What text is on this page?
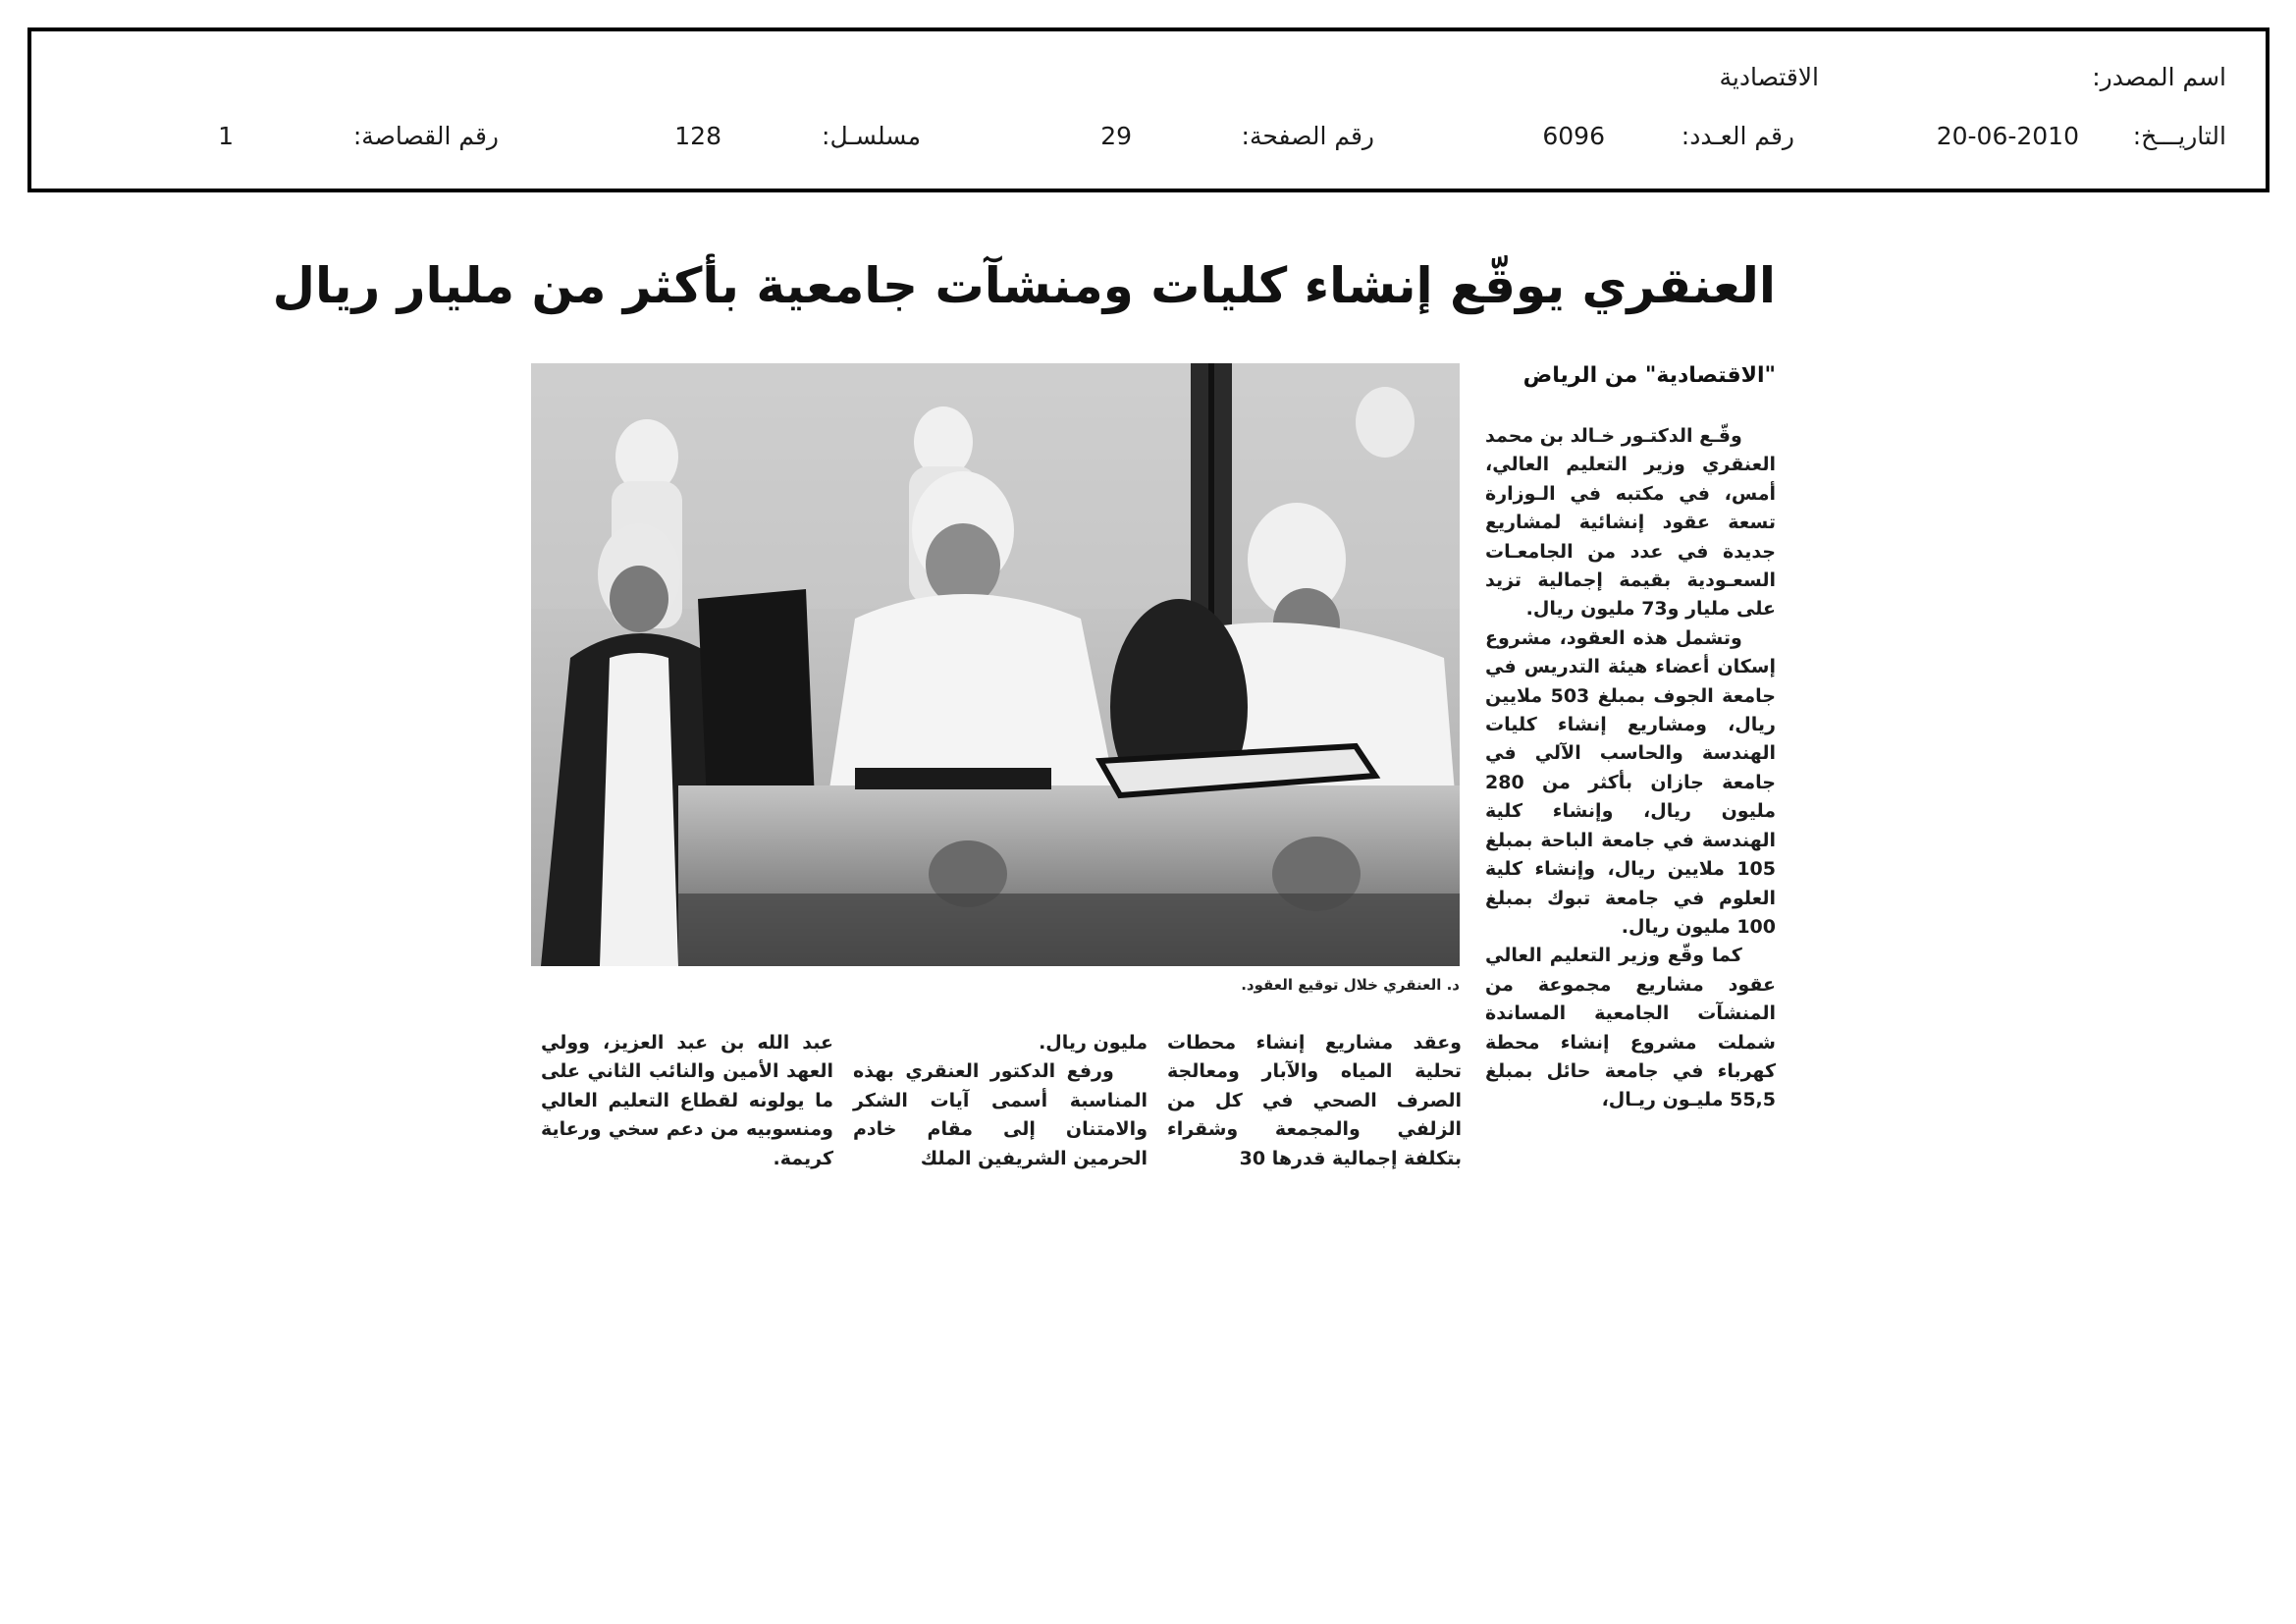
اسم المصدر:
الاقتصادية
التاريـــخ:
20-06-2010
رقم العـدد:
6096
رقم الصفحة:
29
مسلسـل:
128
رقم القصاصة:
1
العنقري يوقّع إنشاء كليات ومنشآت جامعية بأكثر من مليار ريال
"الاقتصادية" من الرياض

وقّـع الدكتـور خـالد بن محمد العنقري وزير التعليم العالي، أمس، في مكتبه في الـوزارة تسعة عقود إنشائية لمشاريع جديدة في عدد من الجامعـات السعـودية بقيمة إجمالية تزيد على مليار و73 مليون ريال.

وتشمل هذه العقود، مشروع إسكان أعضاء هيئة التدريس في جامعة الجوف بمبلغ 503 ملايين ريال، ومشاريع إنشاء كليات الهندسة والحاسب الآلي في جامعة جازان بأكثر من 280 مليون ريال، وإنشاء كلية الهندسة في جامعة الباحة بمبلغ 105 ملايين ريال، وإنشاء كلية العلوم في جامعة تبوك بمبلغ 100 مليون ريال.

كما وقّع وزير التعليم العالي عقود مشاريع مجموعة من المنشآت الجامعية المساندة شملت مشروع إنشاء محطة كهرباء في جامعة حائل بمبلغ 55,5 مليـون ريـال،

د. العنقري خلال توقيع العقود.

وعقد مشاريع إنشاء محطات تحلية المياه والآبار ومعالجة الصرف الصحي في كل من الزلفي والمجمعة وشقراء بتكلفة إجمالية قدرها 30

مليون ريال.

ورفع الدكتور العنقري بهذه المناسبة أسمى آيات الشكر والامتنان إلى مقام خادم الحرمين الشريفين الملك

عبد الله بن عبد العزيز، وولي العهد الأمين والنائب الثاني على ما يولونه لقطاع التعليم العالي ومنسوبيه من دعم سخي ورعاية كريمة.
